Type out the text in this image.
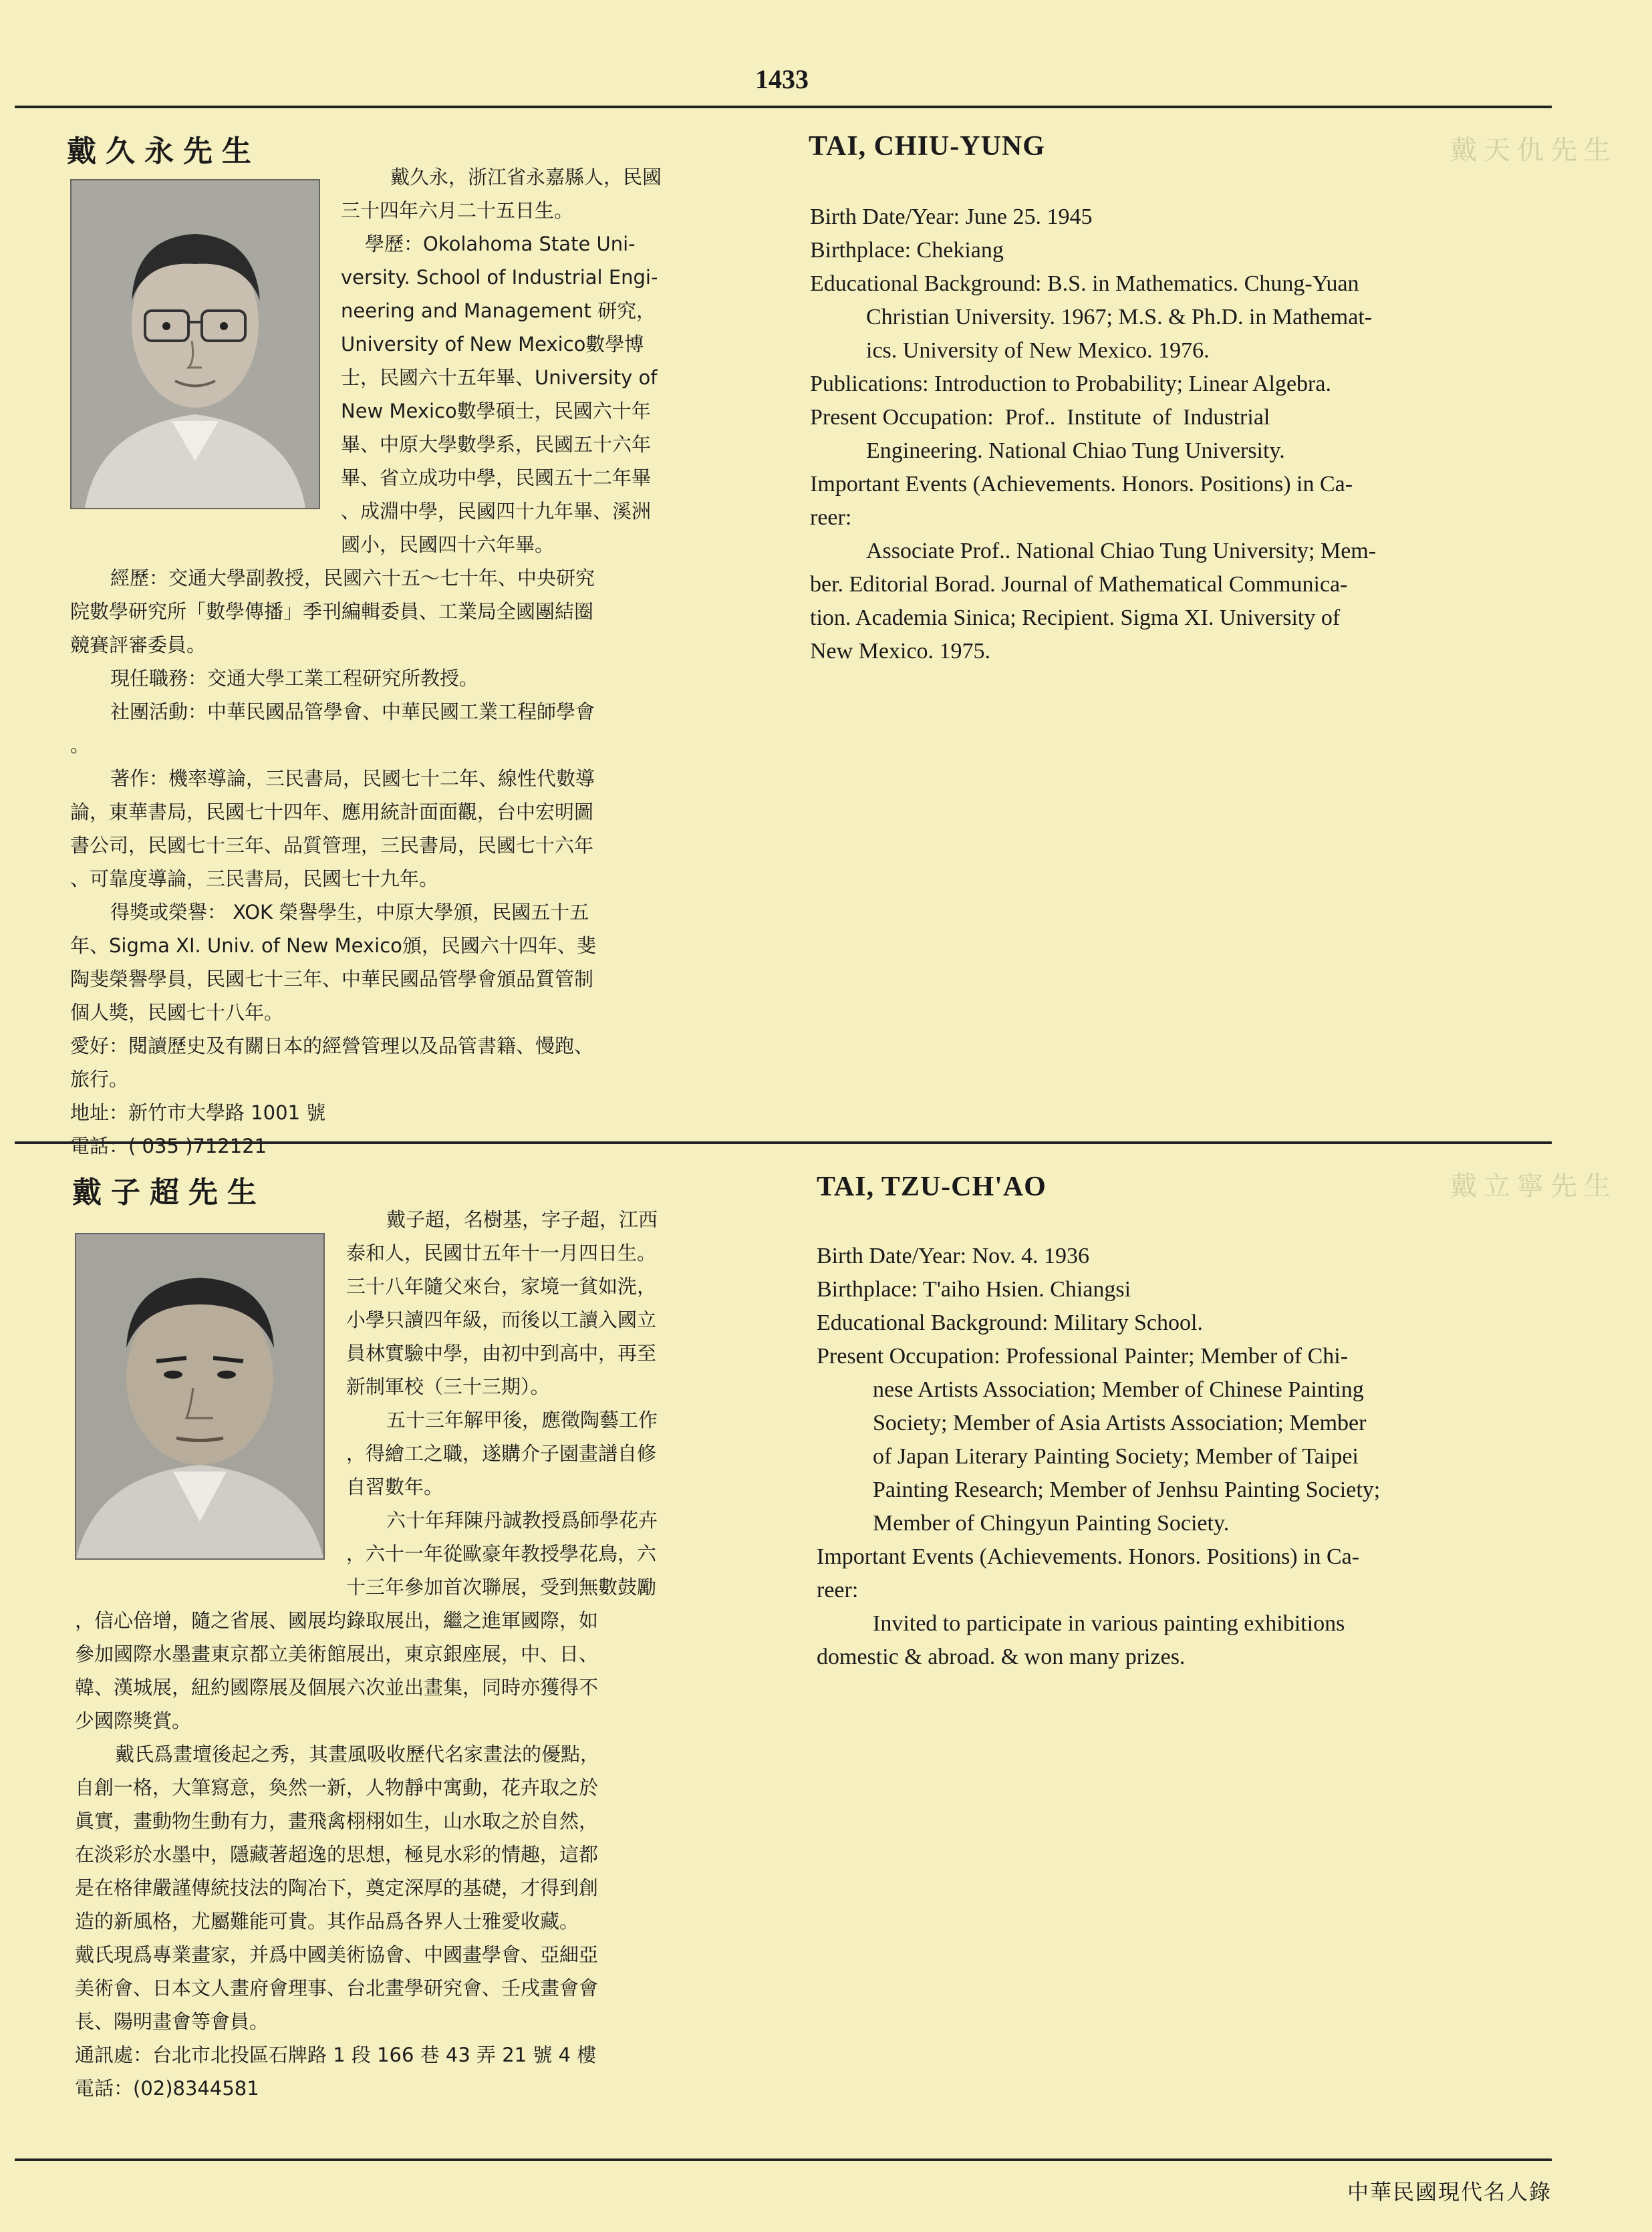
1433
戴天仇先生
戴立寧先生
戴久永先生

戴久永，浙江省永嘉縣人，民國
三十四年六月二十五日生。
學歷：Okolahoma State Uni-
versity. School of Industrial Engi-
neering and Management 研究，
University of New Mexico數學博
士，民國六十五年畢、University of
New Mexico數學碩士，民國六十年
畢、中原大學數學系，民國五十六年
畢、省立成功中學，民國五十二年畢
、成淵中學，民國四十九年畢、溪洲
國小，民國四十六年畢。

經歷：交通大學副教授，民國六十五～七十年、中央研究
院數學研究所「數學傳播」季刊編輯委員、工業局全國團結圈
競賽評審委員。
現任職務：交通大學工業工程研究所教授。
社團活動：中華民國品管學會、中華民國工業工程師學會
。
著作：機率導論，三民書局，民國七十二年、線性代數導
論，東華書局，民國七十四年、應用統計面面觀，台中宏明圖
書公司，民國七十三年、品質管理，三民書局，民國七十六年
、可靠度導論，三民書局，民國七十九年。
得獎或榮譽： XOK 榮譽學生，中原大學頒，民國五十五
年、Sigma XI. Univ. of New Mexico頒，民國六十四年、斐
陶斐榮譽學員，民國七十三年、中華民國品管學會頒品質管制
個人獎，民國七十八年。
愛好：閱讀歷史及有關日本的經營管理以及品管書籍、慢跑、
旅行。
地址：新竹市大學路 1001 號
電話：( 035 )712121
TAI, CHIU-YUNG

Birth Date/Year: June 25. 1945
Birthplace: Chekiang
Educational Background: B.S. in Mathematics. Chung-Yuan
Christian University. 1967; M.S. & Ph.D. in Mathemat-
ics. University of New Mexico. 1976.
Publications: Introduction to Probability; Linear Algebra.
Present Occupation:  Prof..  Institute  of  Industrial
Engineering. National Chiao Tung University.
Important Events (Achievements. Honors. Positions) in Ca-
reer:
Associate Prof.. National Chiao Tung University; Mem-
ber. Editorial Borad. Journal of Mathematical Communica-
tion. Academia Sinica; Recipient. Sigma XI. University of
New Mexico. 1975.
戴子超先生

戴子超，名樹基，字子超，江西
泰和人，民國廿五年十一月四日生。
三十八年隨父來台，家境一貧如洗，
小學只讀四年級，而後以工讀入國立
員林實驗中學，由初中到高中，再至
新制軍校（三十三期）。
五十三年解甲後，應徵陶藝工作
，得繪工之職，遂購介子園畫譜自修
自習數年。
六十年拜陳丹誠教授爲師學花卉
，六十一年從歐豪年教授學花鳥，六
十三年參加首次聯展，受到無數鼓勵

，信心倍增，隨之省展、國展均錄取展出，繼之進軍國際，如
參加國際水墨畫東京都立美術館展出，東京銀座展，中、日、
韓、漢城展，紐約國際展及個展六次並出畫集，同時亦獲得不
少國際獎賞。
戴氏爲畫壇後起之秀，其畫風吸收歷代名家畫法的優點，
自創一格，大筆寫意，奐然一新，人物靜中寓動，花卉取之於
眞實，畫動物生動有力，畫飛禽栩栩如生，山水取之於自然，
在淡彩於水墨中，隱藏著超逸的思想，極見水彩的情趣，這都
是在格律嚴謹傳統技法的陶冶下，奠定深厚的基礎，才得到創
造的新風格，尤屬難能可貴。其作品爲各界人士雅愛收藏。
戴氏現爲專業畫家，并爲中國美術協會、中國畫學會、亞細亞
美術會、日本文人畫府會理事、台北畫學研究會、壬戌畫會會
長、陽明畫會等會員。
通訊處：台北市北投區石牌路 1 段 166 巷 43 弄 21 號 4 樓
電話：(02)8344581
TAI, TZU-CH'AO

Birth Date/Year: Nov. 4. 1936
Birthplace: T'aiho Hsien. Chiangsi
Educational Background: Military School.
Present Occupation: Professional Painter; Member of Chi-
nese Artists Association; Member of Chinese Painting
Society; Member of Asia Artists Association; Member
of Japan Literary Painting Society; Member of Taipei
Painting Research; Member of Jenhsu Painting Society;
Member of Chingyun Painting Society.
Important Events (Achievements. Honors. Positions) in Ca-
reer:
Invited to participate in various painting exhibitions
domestic & abroad. & won many prizes.
中華民國現代名人錄
